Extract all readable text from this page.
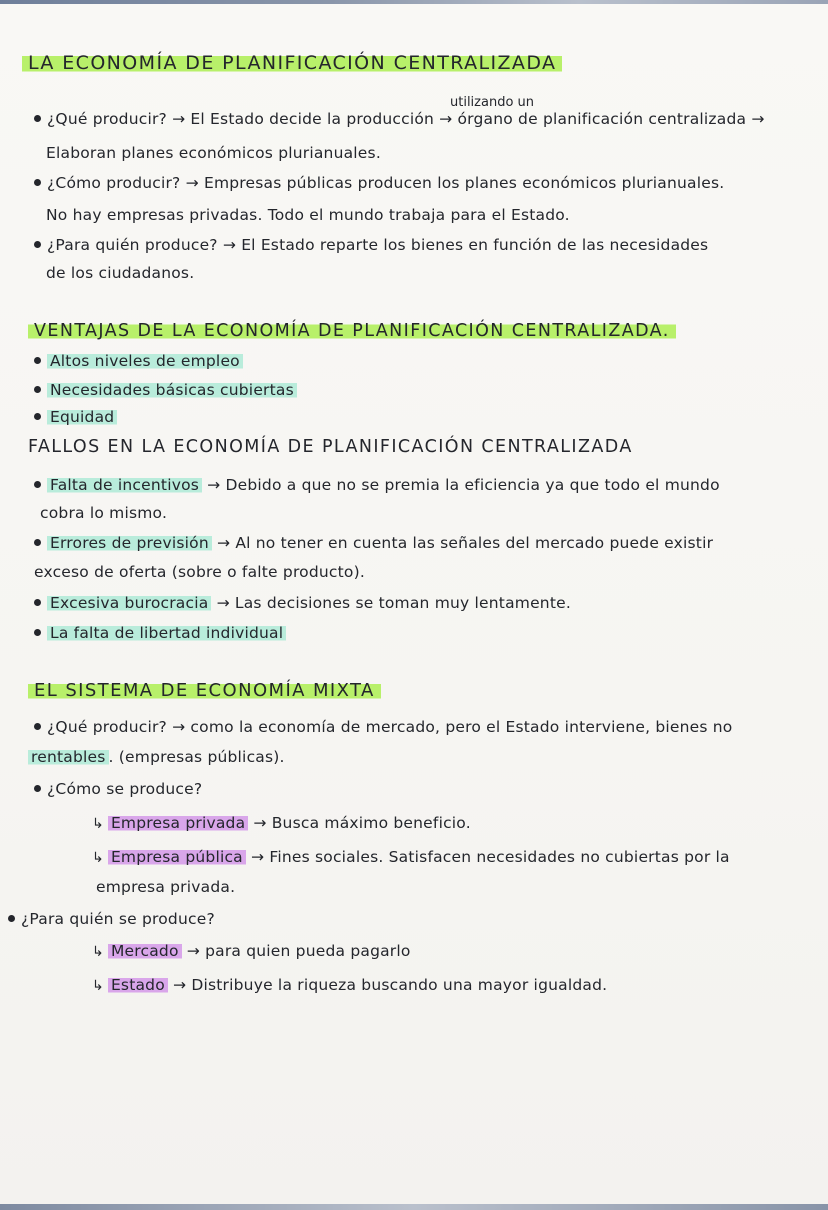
LA ECONOMÍA DE PLANIFICACIÓN CENTRALIZADA
utilizando un
¿Qué producir? → El Estado decide la producción → órgano de planificación centralizada →
Elaboran planes económicos plurianuales.
¿Cómo producir? → Empresas públicas producen los planes económicos plurianuales.
No hay empresas privadas. Todo el mundo trabaja para el Estado.
¿Para quién produce? → El Estado reparte los bienes en función de las necesidades
de los ciudadanos.
VENTAJAS DE LA ECONOMÍA DE PLANIFICACIÓN CENTRALIZADA.
Altos niveles de empleo
Necesidades básicas cubiertas
Equidad
FALLOS EN LA ECONOMÍA DE PLANIFICACIÓN CENTRALIZADA
Falta de incentivos → Debido a que no se premia la eficiencia ya que todo el mundo
cobra lo mismo.
Errores de previsión → Al no tener en cuenta las señales del mercado puede existir
exceso de oferta (sobre o falte producto).
Excesiva burocracia → Las decisiones se toman muy lentamente.
La falta de libertad individual
EL SISTEMA DE ECONOMÍA MIXTA
¿Qué producir? → como la economía de mercado, pero el Estado interviene, bienes no
rentables . (empresas públicas).
¿Cómo se produce?
↳ Empresa privada → Busca máximo beneficio.
↳ Empresa pública → Fines sociales. Satisfacen necesidades no cubiertas por la
empresa privada.
¿Para quién se produce?
↳ Mercado → para quien pueda pagarlo
↳ Estado → Distribuye la riqueza buscando una mayor igualdad.
